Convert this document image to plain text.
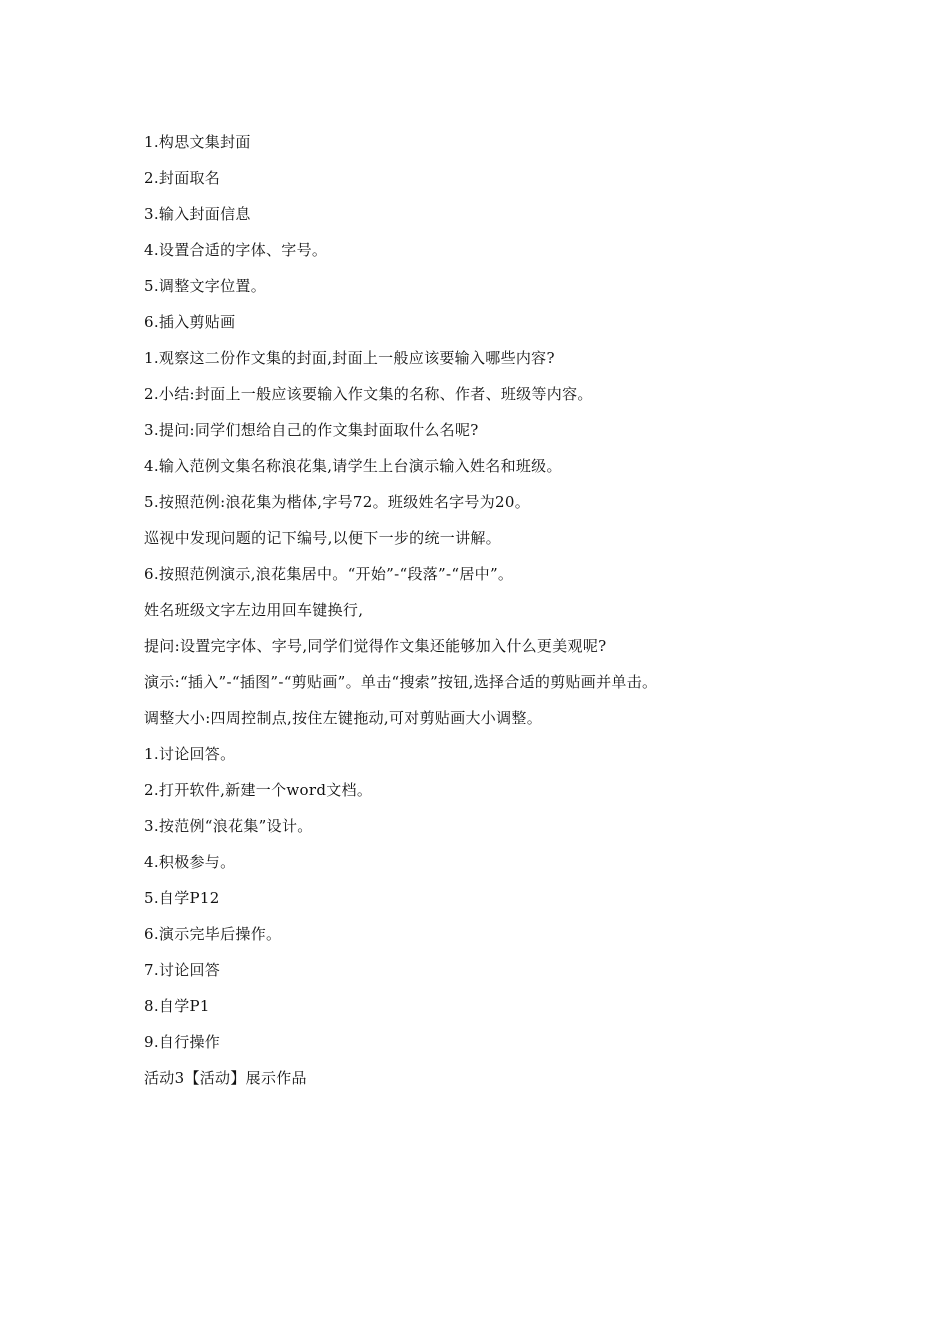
1.构思文集封面
2.封面取名
3.输入封面信息
4.设置合适的字体、字号。
5.调整文字位置。
6.插入剪贴画
1.观察这二份作文集的封面,封面上一般应该要输入哪些内容?
2.小结:封面上一般应该要输入作文集的名称、作者、班级等内容。
3.提问:同学们想给自己的作文集封面取什么名呢?
4.输入范例文集名称浪花集,请学生上台演示输入姓名和班级。
5.按照范例:浪花集为楷体,字号72。班级姓名字号为20。
巡视中发现问题的记下编号,以便下一步的统一讲解。
6.按照范例演示,浪花集居中。“开始”-“段落”-“居中”。
姓名班级文字左边用回车键换行,
提问:设置完字体、字号,同学们觉得作文集还能够加入什么更美观呢?
演示:“插入”-“插图”-“剪贴画”。单击“搜索”按钮,选择合适的剪贴画并单击。
调整大小:四周控制点,按住左键拖动,可对剪贴画大小调整。
1.讨论回答。
2.打开软件,新建一个word文档。
3.按范例“浪花集”设计。
4.积极参与。
5.自学P12
6.演示完毕后操作。
7.讨论回答
8.自学P1
9.自行操作
活动3【活动】展示作品
